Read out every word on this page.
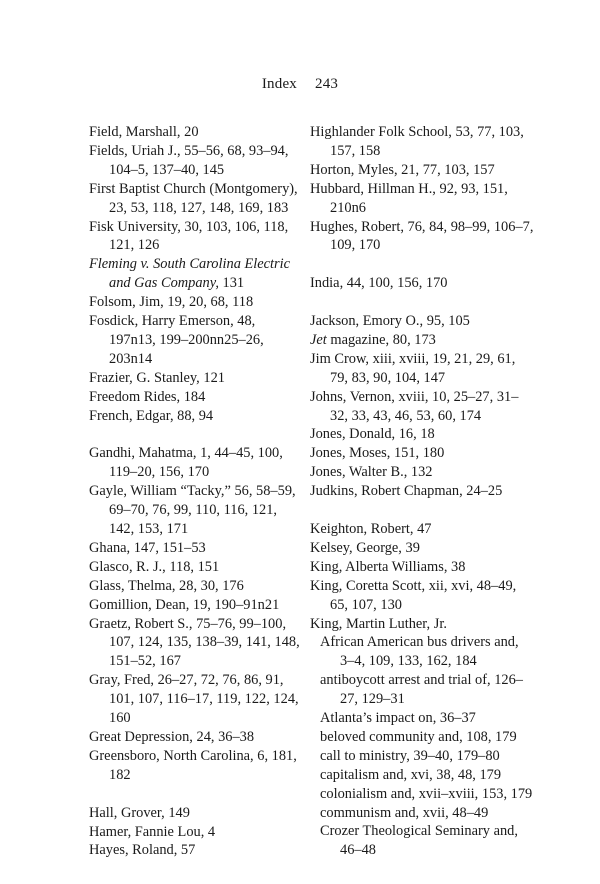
Index 243

Field, Marshall, 20

Fields, Uriah J., 55–56, 68, 93–94, 104–5, 137–40, 145

First Baptist Church (Montgomery), 23, 53, 118, 127, 148, 169, 183

Fisk University, 30, 103, 106, 118, 121, 126

Fleming v. South Carolina Electric and Gas Company, 131

Folsom, Jim, 19, 20, 68, 118

Fosdick, Harry Emerson, 48, 197n13, 199–200nn25–26, 203n14

Frazier, G. Stanley, 121

Freedom Rides, 184

French, Edgar, 88, 94

Gandhi, Mahatma, 1, 44–45, 100, 119–20, 156, 170

Gayle, William “Tacky,” 56, 58–59, 69–70, 76, 99, 110, 116, 121, 142, 153, 171

Ghana, 147, 151–53

Glasco, R. J., 118, 151

Glass, Thelma, 28, 30, 176

Gomillion, Dean, 19, 190–91n21

Graetz, Robert S., 75–76, 99–100, 107, 124, 135, 138–39, 141, 148, 151–52, 167

Gray, Fred, 26–27, 72, 76, 86, 91, 101, 107, 116–17, 119, 122, 124, 160

Great Depression, 24, 36–38

Greensboro, North Carolina, 6, 181, 182

Hall, Grover, 149

Hamer, Fannie Lou, 4

Hayes, Roland, 57

Highlander Folk School, 53, 77, 103, 157, 158

Horton, Myles, 21, 77, 103, 157

Hubbard, Hillman H., 92, 93, 151, 210n6

Hughes, Robert, 76, 84, 98–99, 106–7, 109, 170

India, 44, 100, 156, 170

Jackson, Emory O., 95, 105

Jet magazine, 80, 173

Jim Crow, xiii, xviii, 19, 21, 29, 61, 79, 83, 90, 104, 147

Johns, Vernon, xviii, 10, 25–27, 31–32, 33, 43, 46, 53, 60, 174

Jones, Donald, 16, 18

Jones, Moses, 151, 180

Jones, Walter B., 132

Judkins, Robert Chapman, 24–25

Keighton, Robert, 47

Kelsey, George, 39

King, Alberta Williams, 38

King, Coretta Scott, xii, xvi, 48–49, 65, 107, 130

King, Martin Luther, Jr.

African American bus drivers and, 3–4, 109, 133, 162, 184

antiboycott arrest and trial of, 126–27, 129–31

Atlanta’s impact on, 36–37

beloved community and, 108, 179

call to ministry, 39–40, 179–80

capitalism and, xvi, 38, 48, 179

colonialism and, xvii–xviii, 153, 179

communism and, xvii, 48–49

Crozer Theological Seminary and, 46–48
